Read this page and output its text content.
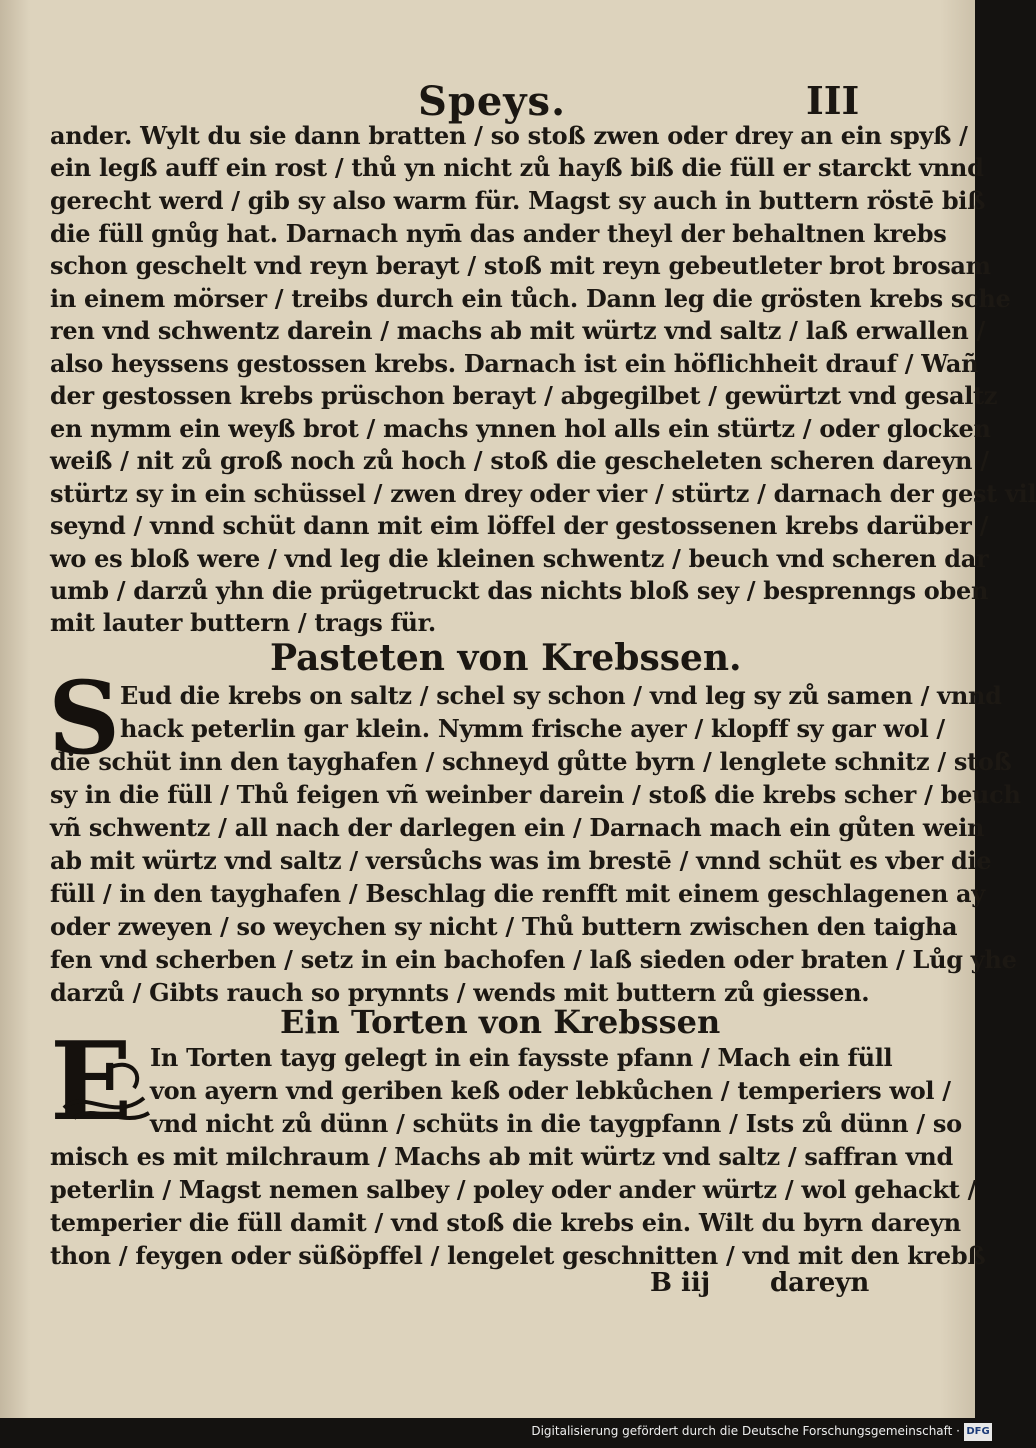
Speys.	III
ander. Wylt du sie dann bratten / so stoß zwen oder drey an ein spyß /
ein legß auff ein rost / thů yn nicht zů hayß biß die füll er starckt vnnd
gerecht werd / gib sy also warm für. Magst sy auch in buttern röstē biß
die füll gnůg hat. Darnach nym̄ das ander theyl der behaltnen krebs
schon geschelt vnd reyn berayt / stoß mit reyn gebeutleter brot brosam
in einem mörser / treibs durch ein tůch. Dann leg die grösten krebs sche
ren vnd schwentz darein / machs ab mit würtz vnd saltz / laß erwallen /
also heyssens gestossen krebs. Darnach ist ein höflichheit drauf / Wañ
der gestossen krebs prüschon berayt / abgegilbet / gewürtzt vnd gesaltz
en nymm ein weyß brot / machs ynnen hol alls ein stürtz / oder glocken
weiß / nit zů groß noch zů hoch / stoß die gescheleten scheren dareyn /
stürtz sy in ein schüssel / zwen drey oder vier / stürtz / darnach der gest vil
seynd / vnnd schüt dann mit eim löffel der gestossenen krebs darüber /
wo es bloß were / vnd leg die kleinen schwentz / beuch vnd scheren dar
umb / darzů yhn die prügetruckt das nichts bloß sey / besprenngs oben
mit lauter buttern / trags für.
Pasteten von Krebssen.
S Eud die krebs on saltz / schel sy schon / vnd leg sy zů samen / vnnd
hack peterlin gar klein. Nymm frische ayer / klopff sy gar wol /
die schüt inn den tayghafen / schneyd gůtte byrn / lenglete schnitz / stoß
sy in die füll / Thů feigen vñ weinber darein / stoß die krebs scher / beuch
vñ schwentz / all nach der darlegen ein / Darnach mach ein gůten wein
ab mit würtz vnd saltz / versůchs was im brestē / vnnd schüt es vber die
füll / in den tayghafen / Beschlag die renfft mit einem geschlagenen ay
oder zweyen / so weychen sy nicht / Thů buttern zwischen den taigha
fen vnd scherben / setz in ein bachofen / laß sieden oder braten / Lůg yhe
darzů / Gibts rauch so prynnts / wends mit buttern zů giessen.
Ein Torten von Krebssen
E In Torten tayg gelegt in ein faysste pfann / Mach ein füll
von ayern vnd geriben keß oder lebkůchen / temperiers wol /
vnd nicht zů dünn / schüts in die taygpfann / Ists zů dünn / so
misch es mit milchraum / Machs ab mit würtz vnd saltz / saffran vnd
peterlin / Magst nemen salbey / poley oder ander würtz / wol gehackt /
temperier die füll damit / vnd stoß die krebs ein. Wilt du byrn dareyn
thon / feygen oder süßöpffel / lengelet geschnitten / vnd mit den krebß
B iij dareyn
Digitalisierung gefördert durch die Deutsche Forschungsgemeinschaft · DFG
